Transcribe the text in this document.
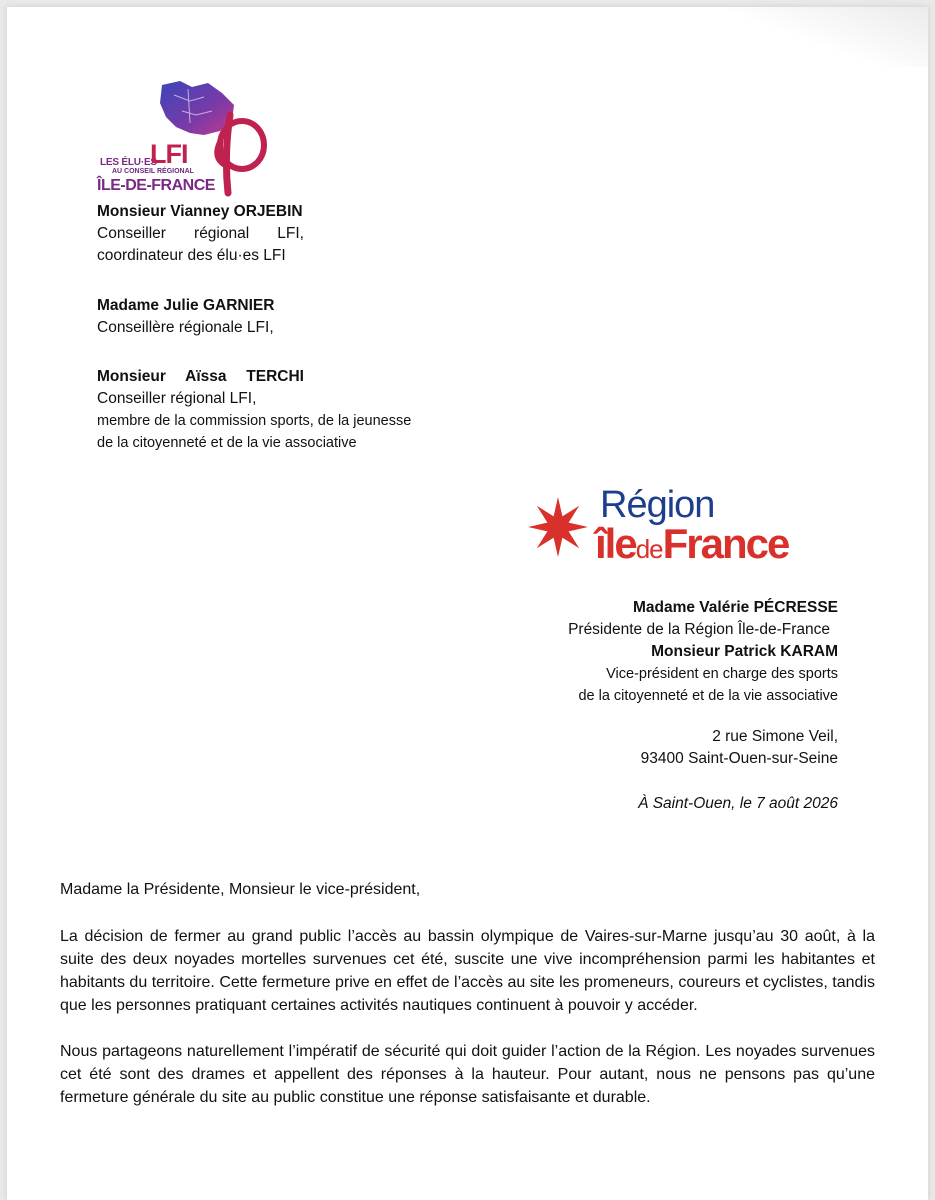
LES ÉLU·ES
LFI
AU CONSEIL RÉGIONAL
ÎLE-DE-FRANCE
Monsieur Vianney ORJEBIN
Conseiller régional LFI,
coordinateur des élu·es LFI
Madame Julie GARNIER
Conseillère régionale LFI,
Monsieur Aïssa TERCHI
Conseiller régional LFI,
membre de la commission sports, de la jeunesse
de la citoyenneté et de la vie associative
Région
îledeFrance
Madame Valérie PÉCRESSE
Présidente de la Région Île-de-France
Monsieur Patrick KARAM
Vice-président en charge des sports
de la citoyenneté et de la vie associative
2 rue Simone Veil,
93400 Saint-Ouen-sur-Seine
À Saint-Ouen, le 7 août 2026
Madame la Présidente, Monsieur le vice-président,

La décision de fermer au grand public l’accès au bassin olympique de Vaires-sur-Marne jusqu’au 30 août, à la suite des deux noyades mortelles survenues cet été, suscite une vive incompréhension parmi les habitantes et habitants du territoire. Cette fermeture prive en effet de l’accès au site les promeneurs, coureurs et cyclistes, tandis que les personnes pratiquant certaines activités nautiques continuent à pouvoir y accéder.

Nous partageons naturellement l’impératif de sécurité qui doit guider l’action de la Région. Les noyades survenues cet été sont des drames et appellent des réponses à la hauteur. Pour autant, nous ne pensons pas qu’une fermeture générale du site au public constitue une réponse satisfaisante et durable.
